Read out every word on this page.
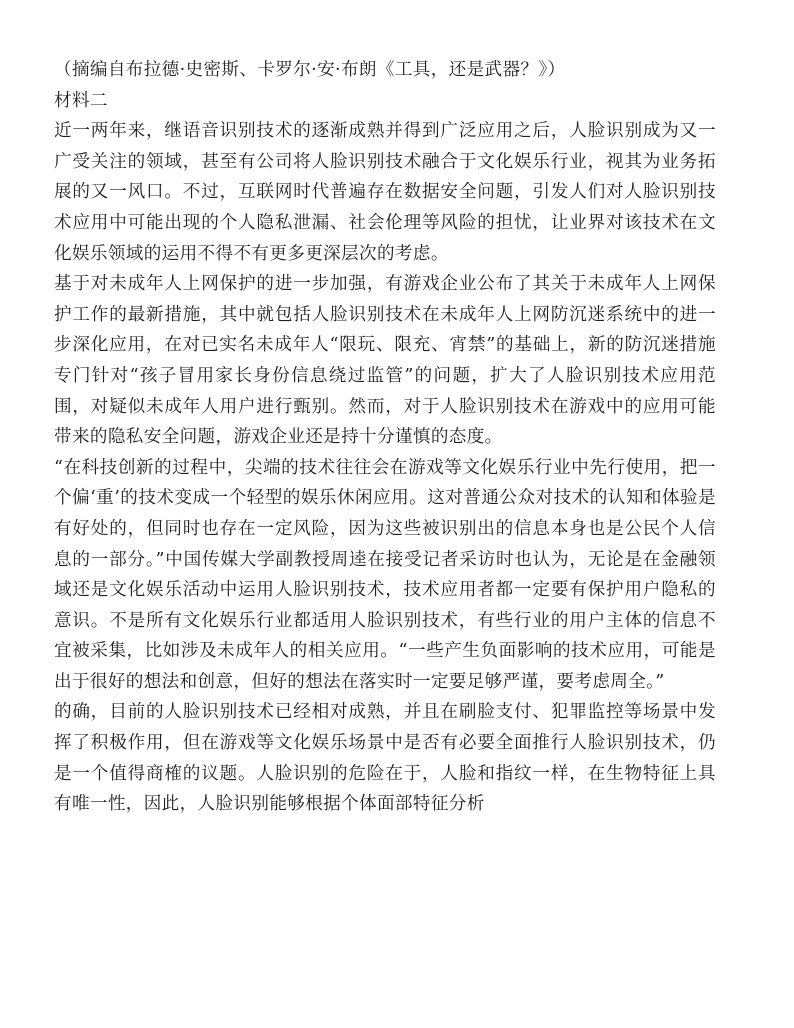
（摘编自布拉德·史密斯、卡罗尔·安·布朗《工具，还是武器？》）

材料二

近一两年来，继语音识别技术的逐渐成熟并得到广泛应用之后，人脸识别成为又一广受关注的领域，甚至有公司将人脸识别技术融合于文化娱乐行业，视其为业务拓展的又一风口。不过，互联网时代普遍存在数据安全问题，引发人们对人脸识别技术应用中可能出现的个人隐私泄漏、社会伦理等风险的担忧，让业界对该技术在文化娱乐领域的运用不得不有更多更深层次的考虑。

基于对未成年人上网保护的进一步加强，有游戏企业公布了其关于未成年人上网保护工作的最新措施，其中就包括人脸识别技术在未成年人上网防沉迷系统中的进一步深化应用，在对已实名未成年人“限玩、限充、宵禁”的基础上，新的防沉迷措施专门针对“孩子冒用家长身份信息绕过监管”的问题，扩大了人脸识别技术应用范围，对疑似未成年人用户进行甄别。然而，对于人脸识别技术在游戏中的应用可能带来的隐私安全问题，游戏企业还是持十分谨慎的态度。

“在科技创新的过程中，尖端的技术往往会在游戏等文化娱乐行业中先行使用，把一个偏‘重’的技术变成一个轻型的娱乐休闲应用。这对普通公众对技术的认知和体验是有好处的，但同时也存在一定风险，因为这些被识别出的信息本身也是公民个人信息的一部分。”中国传媒大学副教授周逵在接受记者采访时也认为，无论是在金融领域还是文化娱乐活动中运用人脸识别技术，技术应用者都一定要有保护用户隐私的意识。不是所有文化娱乐行业都适用人脸识别技术，有些行业的用户主体的信息不宜被采集，比如涉及未成年人的相关应用。“一些产生负面影响的技术应用，可能是出于很好的想法和创意，但好的想法在落实时一定要足够严谨，要考虑周全。”

的确，目前的人脸识别技术已经相对成熟，并且在刷脸支付、犯罪监控等场景中发挥了积极作用，但在游戏等文化娱乐场景中是否有必要全面推行人脸识别技术，仍是一个值得商榷的议题。人脸识别的危险在于，人脸和指纹一样，在生物特征上具有唯一性，因此，人脸识别能够根据个体面部特征分析
